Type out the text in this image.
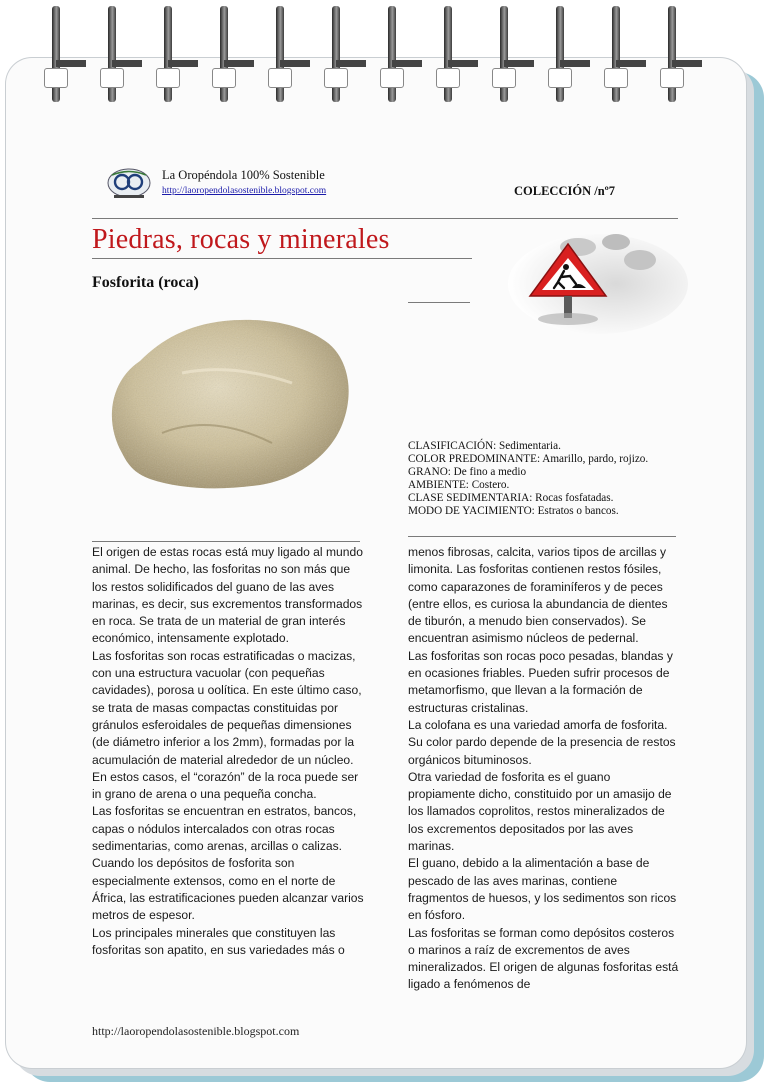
La Oropéndola 100% Sostenible
http://laoropendolasostenible.blogspot.com	COLECCIÓN /nº7
Piedras, rocas y minerales
Fosforita (roca)
CLASIFICACIÓN: Sedimentaria.
COLOR PREDOMINANTE: Amarillo, pardo, rojizo.
GRANO: De fino a medio
AMBIENTE: Costero.
CLASE SEDIMENTARIA: Rocas fosfatadas.
MODO DE YACIMIENTO: Estratos o bancos.

El origen de estas rocas está muy ligado al mundo animal. De hecho, las fosforitas no son más que los restos solidificados del guano de las aves marinas, es decir, sus excrementos transformados en roca. Se trata de un material de gran interés económico, intensamente explotado.

Las fosforitas son rocas estratificadas o macizas, con una estructura vacuolar (con pequeñas cavidades), porosa u oolítica. En este último caso, se trata de masas compactas constituidas por gránulos esferoidales de pequeñas dimensiones (de diámetro inferior a los 2mm), formadas por la acumulación de material alrededor de un núcleo. En estos casos, el “corazón” de la roca puede ser in grano de arena o una pequeña concha.

Las fosforitas se encuentran en estratos, bancos, capas o nódulos intercalados con otras rocas sedimentarias, como arenas, arcillas o calizas. Cuando los depósitos de fosforita son especialmente extensos, como en el norte de África, las estratificaciones pueden alcanzar varios metros de espesor.

Los principales minerales que constituyen las fosforitas son apatito, en sus variedades más o

menos fibrosas, calcita, varios tipos de arcillas y limonita. Las fosforitas contienen restos fósiles, como caparazones de foraminíferos y de peces (entre ellos, es curiosa la abundancia de dientes de tiburón, a menudo bien conservados). Se encuentran asimismo núcleos de pedernal.

Las fosforitas son rocas poco pesadas, blandas y en ocasiones friables. Pueden sufrir procesos de metamorfismo, que llevan a la formación de estructuras cristalinas.

La colofana es una variedad amorfa de fosforita. Su color pardo depende de la presencia de restos orgánicos bituminosos.

Otra variedad de fosforita es el guano propiamente dicho, constituido por un amasijo de los llamados coprolitos, restos mineralizados de los excrementos depositados por las aves marinas.

El guano, debido a la alimentación a base de pescado de las aves marinas, contiene fragmentos de huesos, y los sedimentos son ricos en fósforo.

Las fosforitas se forman como depósitos costeros o marinos a raíz de excrementos de aves mineralizados. El origen de algunas fosforitas está ligado a fenómenos de

http://laoropendolasostenible.blogspot.com
